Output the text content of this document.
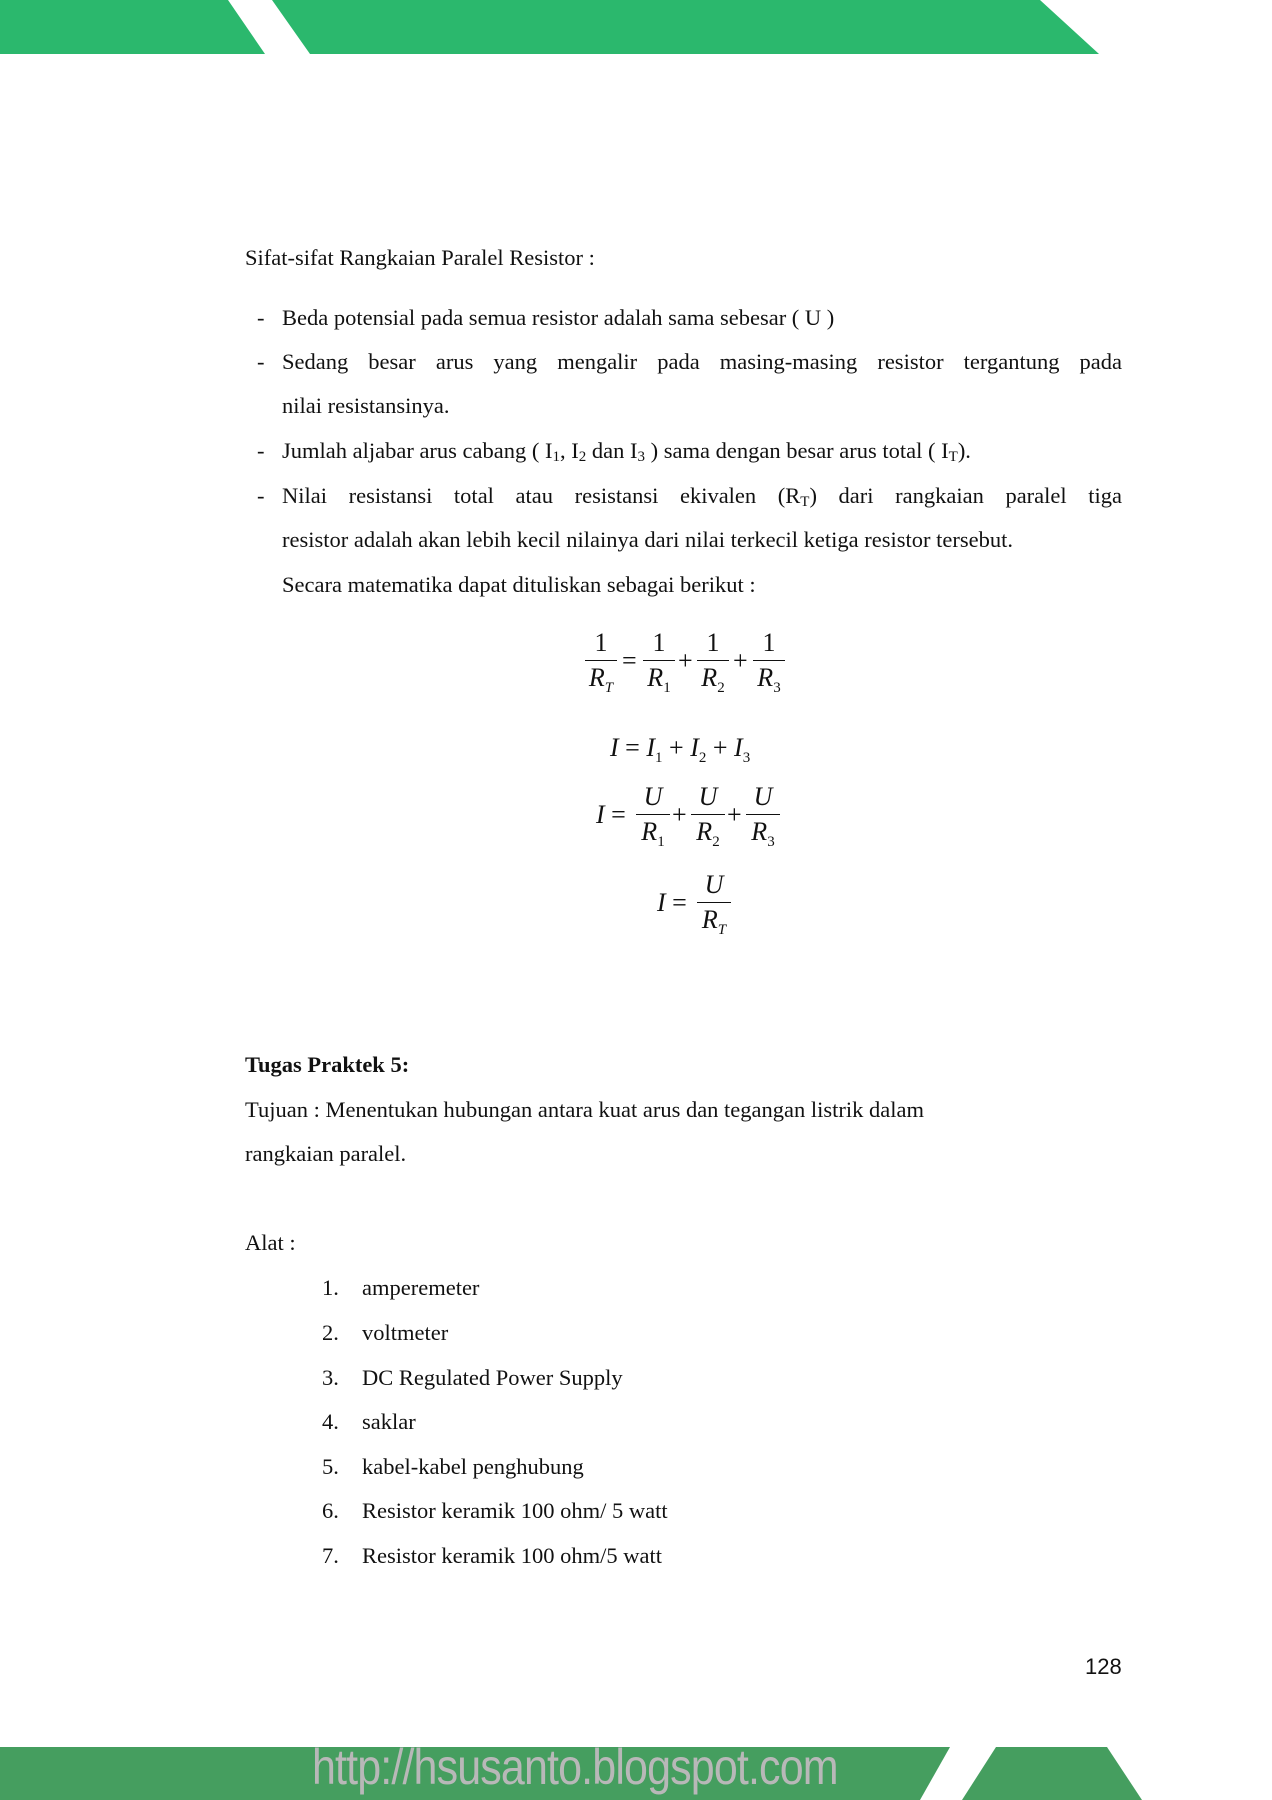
Sifat-sifat Rangkaian Paralel Resistor :
- Beda potensial pada semua resistor adalah sama sebesar ( U )
- Sedang besar arus yang mengalir pada masing-masing resistor tergantung pada
nilai resistansinya.
- Jumlah aljabar arus cabang ( $I_1$, $I_2$ dan $I_3$ ) sama dengan besar arus total ( $I_T$).
- Nilai resistansi total atau resistansi ekivalen $(R_T)$ dari rangkaian paralel tiga
resistor adalah akan lebih kecil nilainya dari nilai terkecil ketiga resistor tersebut.
Secara matematika dapat dituliskan sebagai berikut :
1
$R_T$
=
1
$R_1$
+
1
$R_2$
+
1
$R_3$
$I = I_1 + I_2 + I_3$
I =
U
$R_1$
+
U
$R_2$
+
U
$R_3$
I =
U
$R_T$
Tugas Praktek 5:
Tujuan : Menentukan hubungan antara kuat arus dan tegangan listrik dalam
rangkaian paralel.
Alat :
1. amperemeter
2. voltmeter
3. DC Regulated Power Supply
4. saklar
5. kabel-kabel penghubung
6. Resistor keramik 100 ohm/ 5 watt
7. Resistor keramik 100 ohm/5 watt
128
http://hsusanto.blogspot.com
